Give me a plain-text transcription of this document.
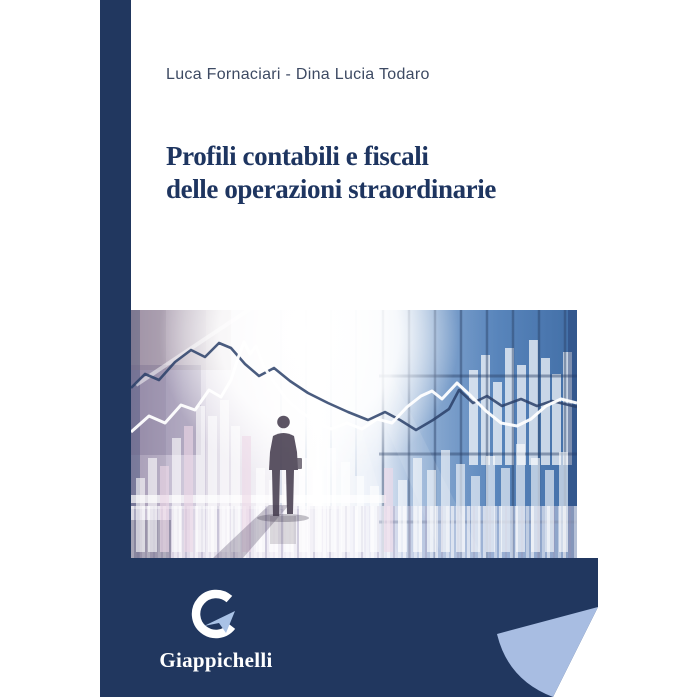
Luca Fornaciari - Dina Lucia Todaro
Profili contabili e fiscali
delle operazioni straordinarie
Giappichelli
